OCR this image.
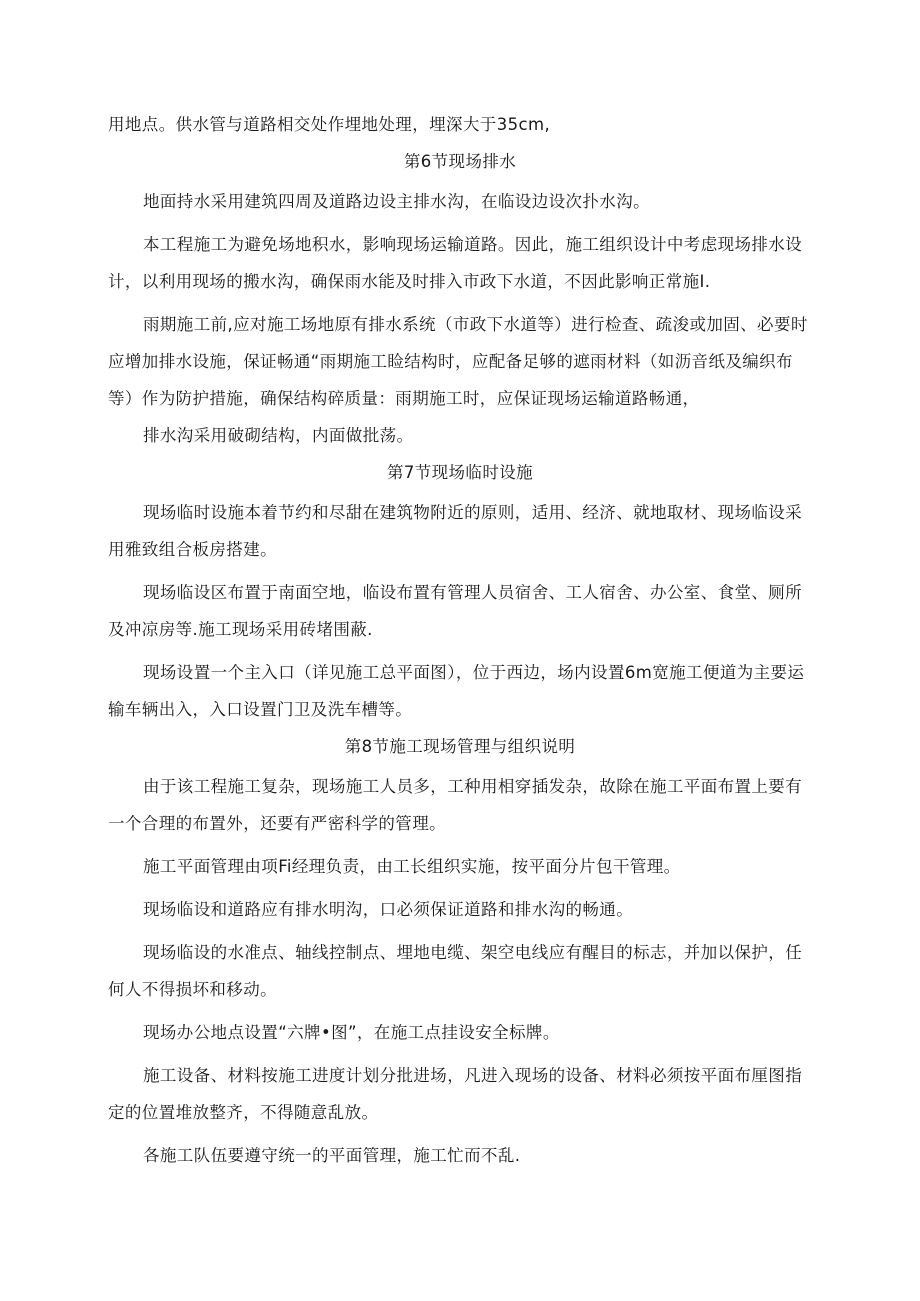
用地点。供水管与道路相交处作埋地处理，埋深大于35cm,

第6节现场排水

地面持水采用建筑四周及道路边设主排水沟，在临设边设次扑水沟。

本工程施工为避免场地积水，影响现场运输道路。因此，施工组织设计中考虑现场排水设计，以利用现场的搬水沟，确保雨水能及时排入市政下水道，不因此影响正常施I.

雨期施工前,应对施工场地原有排水系统（市政下水道等）进行检查、疏浚或加固、必要时应增加排水设施，保证畅通“雨期施工睑结构时，应配备足够的遮雨材料（如沥音纸及编织布等）作为防护措施，确保结构碎质量：雨期施工时，应保证现场运输道路畅通，

排水沟采用破砌结构，内面做批荡。

第7节现场临时设施

现场临时设施本着节约和尽甜在建筑物附近的原则，适用、经济、就地取材、现场临设采用雅致组合板房搭建。

现场临设区布置于南面空地，临设布置有管理人员宿舍、工人宿舍、办公室、食堂、厕所及冲凉房等.施工现场采用砖堵围蔽.

现场设置一个主入口（详见施工总平面图），位于西边，场内设置6m宽施工便道为主要运输车辆出入，入口设置门卫及洗车槽等。

第8节施工现场管理与组织说明

由于该工程施工复杂，现场施工人员多，工种用相穿插发杂，故除在施工平面布置上要有一个合理的布置外，还要有严密科学的管理。

施工平面管理由项Fi经理负责，由工长组织实施，按平面分片包干管理。

现场临设和道路应有排水明沟，口必须保证道路和排水沟的畅通。

现场临设的水准点、轴线控制点、埋地电缆、架空电线应有醒目的标志，并加以保护，任何人不得损坏和移动。

现场办公地点设置“六牌•图”，在施工点挂设安全标牌。

施工设备、材料按施工进度计划分批进场，凡进入现场的设备、材料必须按平面布厘图指定的位置堆放整齐，不得随意乱放。

各施工队伍要遵守统一的平面管理，施工忙而不乱.
